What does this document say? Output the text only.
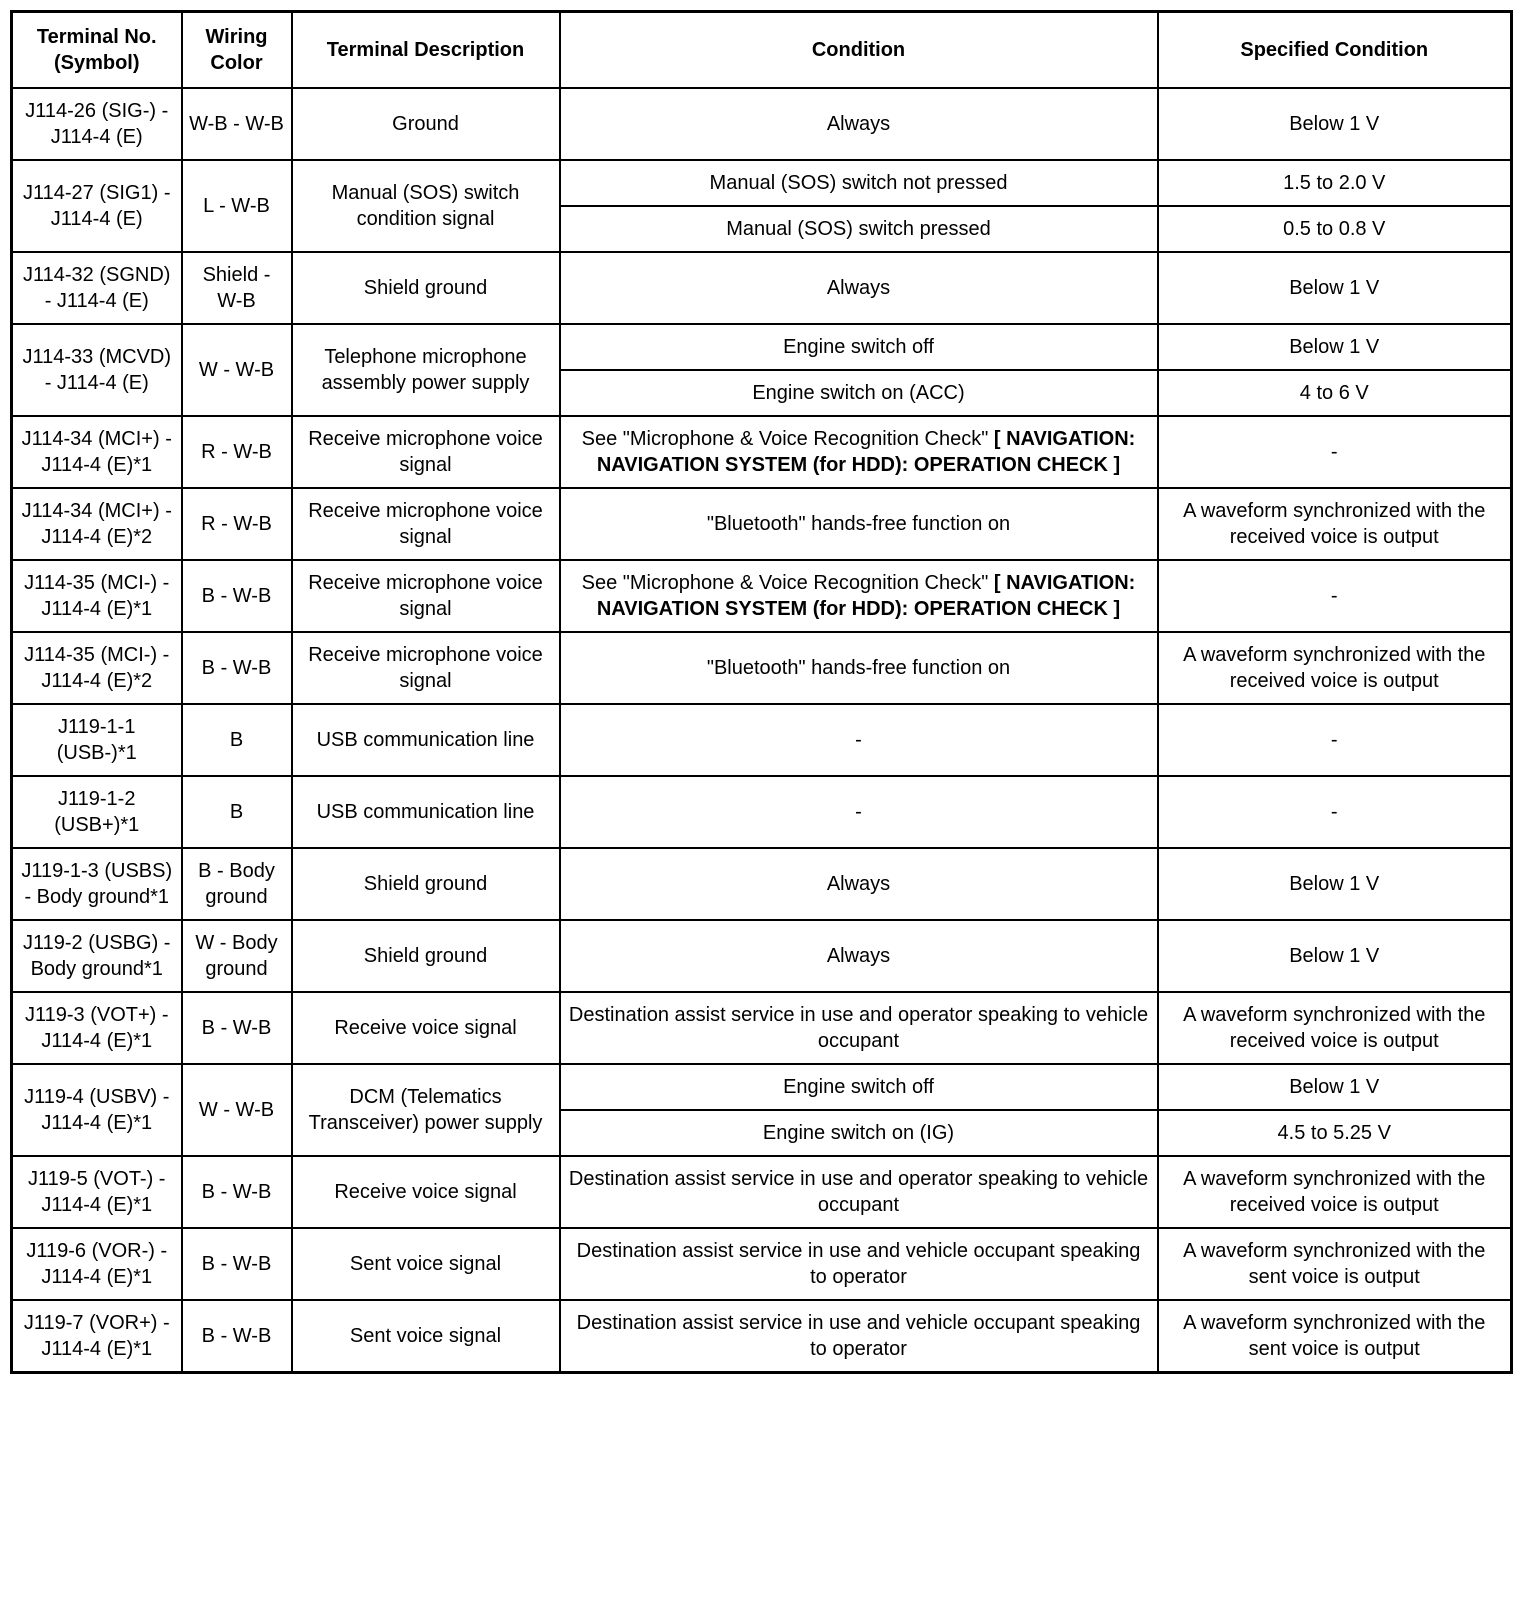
Terminal No. (Symbol)	Wiring Color	Terminal Description	Condition	Specified Condition
J114-26 (SIG-) - J114-4 (E)	W-B - W-B	Ground	Always	Below 1 V
J114-27 (SIG1) - J114-4 (E)	L - W-B	Manual (SOS) switch condition signal	Manual (SOS) switch not pressed	1.5 to 2.0 V
			Manual (SOS) switch pressed	0.5 to 0.8 V
J114-32 (SGND) - J114-4 (E)	Shield - W-B	Shield ground	Always	Below 1 V
J114-33 (MCVD) - J114-4 (E)	W - W-B	Telephone microphone assembly power supply	Engine switch off	Below 1 V
			Engine switch on (ACC)	4 to 6 V
J114-34 (MCI+) - J114-4 (E)*1	R - W-B	Receive microphone voice signal	See "Microphone & Voice Recognition Check" [ NAVIGATION: NAVIGATION SYSTEM (for HDD): OPERATION CHECK ]	-
J114-34 (MCI+) - J114-4 (E)*2	R - W-B	Receive microphone voice signal	"Bluetooth" hands-free function on	A waveform synchronized with the received voice is output
J114-35 (MCI-) - J114-4 (E)*1	B - W-B	Receive microphone voice signal	See "Microphone & Voice Recognition Check" [ NAVIGATION: NAVIGATION SYSTEM (for HDD): OPERATION CHECK ]	-
J114-35 (MCI-) - J114-4 (E)*2	B - W-B	Receive microphone voice signal	"Bluetooth" hands-free function on	A waveform synchronized with the received voice is output
J119-1-1 (USB-)*1	B	USB communication line	-	-
J119-1-2 (USB+)*1	B	USB communication line	-	-
J119-1-3 (USBS) - Body ground*1	B - Body ground	Shield ground	Always	Below 1 V
J119-2 (USBG) - Body ground*1	W - Body ground	Shield ground	Always	Below 1 V
J119-3 (VOT+) - J114-4 (E)*1	B - W-B	Receive voice signal	Destination assist service in use and operator speaking to vehicle occupant	A waveform synchronized with the received voice is output
J119-4 (USBV) - J114-4 (E)*1	W - W-B	DCM (Telematics Transceiver) power supply	Engine switch off	Below 1 V
			Engine switch on (IG)	4.5 to 5.25 V
J119-5 (VOT-) - J114-4 (E)*1	B - W-B	Receive voice signal	Destination assist service in use and operator speaking to vehicle occupant	A waveform synchronized with the received voice is output
J119-6 (VOR-) - J114-4 (E)*1	B - W-B	Sent voice signal	Destination assist service in use and vehicle occupant speaking to operator	A waveform synchronized with the sent voice is output
J119-7 (VOR+) - J114-4 (E)*1	B - W-B	Sent voice signal	Destination assist service in use and vehicle occupant speaking to operator	A waveform synchronized with the sent voice is output
